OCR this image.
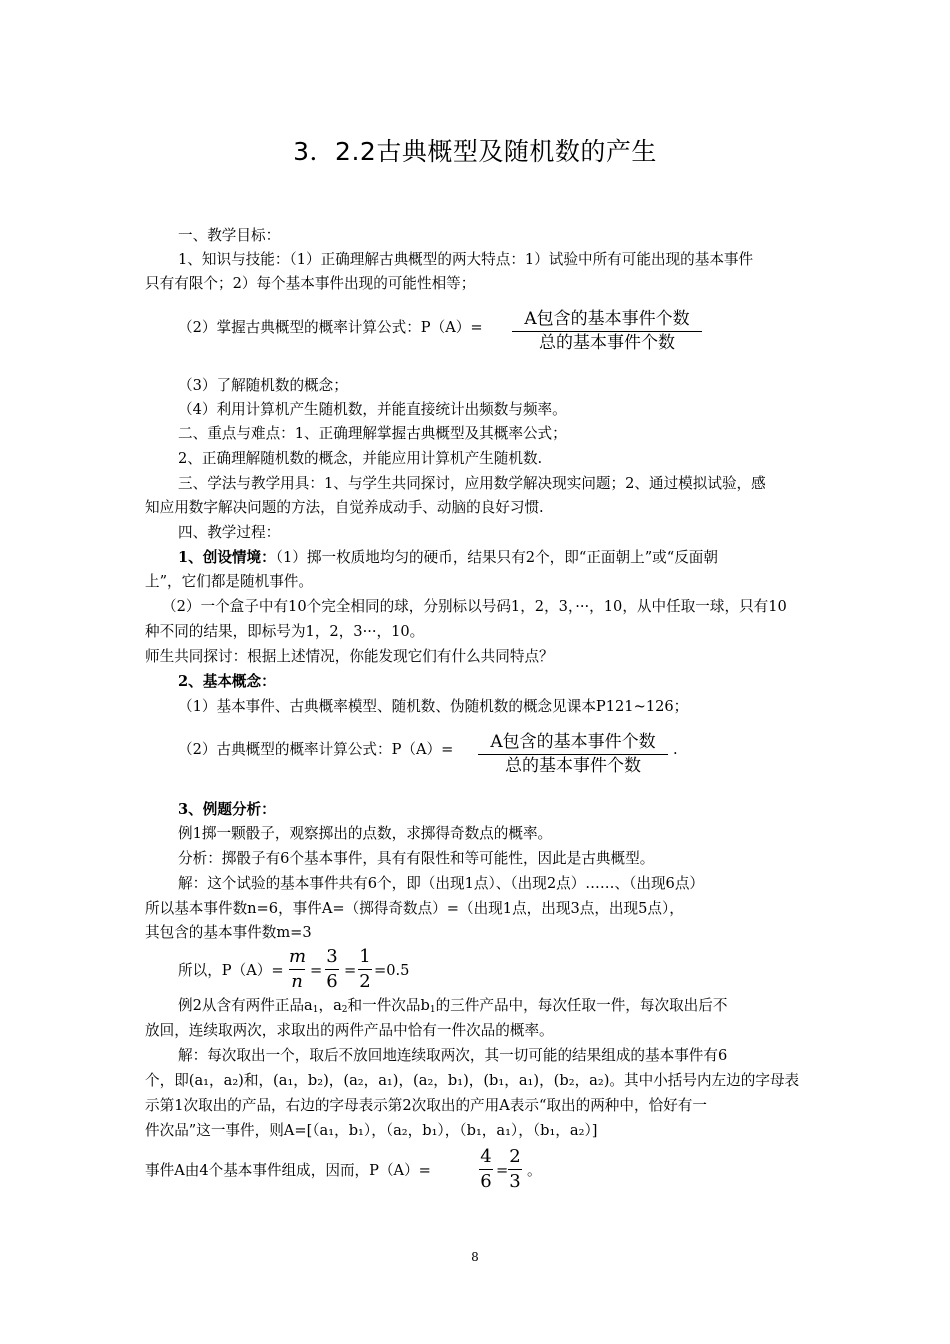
3．2.2古典概型及随机数的产生
一、教学目标：
1、知识与技能：（1）正确理解古典概型的两大特点：1）试验中所有可能出现的基本事件
只有有限个；2）每个基本事件出现的可能性相等；
（2）掌握古典概型的概率计算公式：P（A）=	A包含的基本事件个数
总的基本事件个数
（3）了解随机数的概念；
（4）利用计算机产生随机数，并能直接统计出频数与频率。
二、重点与难点：1、正确理解掌握古典概型及其概率公式；
2、正确理解随机数的概念，并能应用计算机产生随机数.
三、学法与教学用具：1、与学生共同探讨，应用数学解决现实问题；2、通过模拟试验，感
知应用数字解决问题的方法，自觉养成动手、动脑的良好习惯.
四、教学过程：
1、创设情境：（1）掷一枚质地均匀的硬币，结果只有2个，即“正面朝上”或“反面朝
上”，它们都是随机事件。
（2）一个盒子中有10个完全相同的球，分别标以号码1，2，3，···，10，从中任取一球，只有10
种不同的结果，即标号为1，2，3···，10。
师生共同探讨：根据上述情况，你能发现它们有什么共同特点？
2、基本概念：
（1）基本事件、古典概率模型、随机数、伪随机数的概念见课本P121~126；
（2）古典概型的概率计算公式：P（A）=	A包含的基本事件个数
总的基本事件个数
.
3、例题分析：
例1掷一颗骰子，观察掷出的点数，求掷得奇数点的概率。
分析：掷骰子有6个基本事件，具有有限性和等可能性，因此是古典概型。
解：这个试验的基本事件共有6个，即（出现1点）、（出现2点）……、（出现6点）
所以基本事件数n=6，事件A=（掷得奇数点）=（出现1点，出现3点，出现5点），
其包含的基本事件数m=3
所以，P（A）=
m
n
=
3
6
=
1
2
=0.5
例2从含有两件正品$a_1$，$a_2$和一件次品$b_1$的三件产品中，每次任取一件，每次取出后不
放回，连续取两次，求取出的两件产品中恰有一件次品的概率。
解：每次取出一个，取后不放回地连续取两次，其一切可能的结果组成的基本事件有6
个，即(a₁，a₂)和，(a₁，b₂)，(a₂，a₁)，(a₂，b₁)，(b₁，a₁)，(b₂，a₂)。其中小括号内左边的字母表
示第1次取出的产品，右边的字母表示第2次取出的产用A表示“取出的两种中，恰好有一
件次品”这一事件，则A=[（a₁，b₁），（a₂，b₁），（b₁，a₁），（b₁，a₂）]
事件A由4个基本事件组成，因而，P（A）=
4
6
=
2
3
。
8
